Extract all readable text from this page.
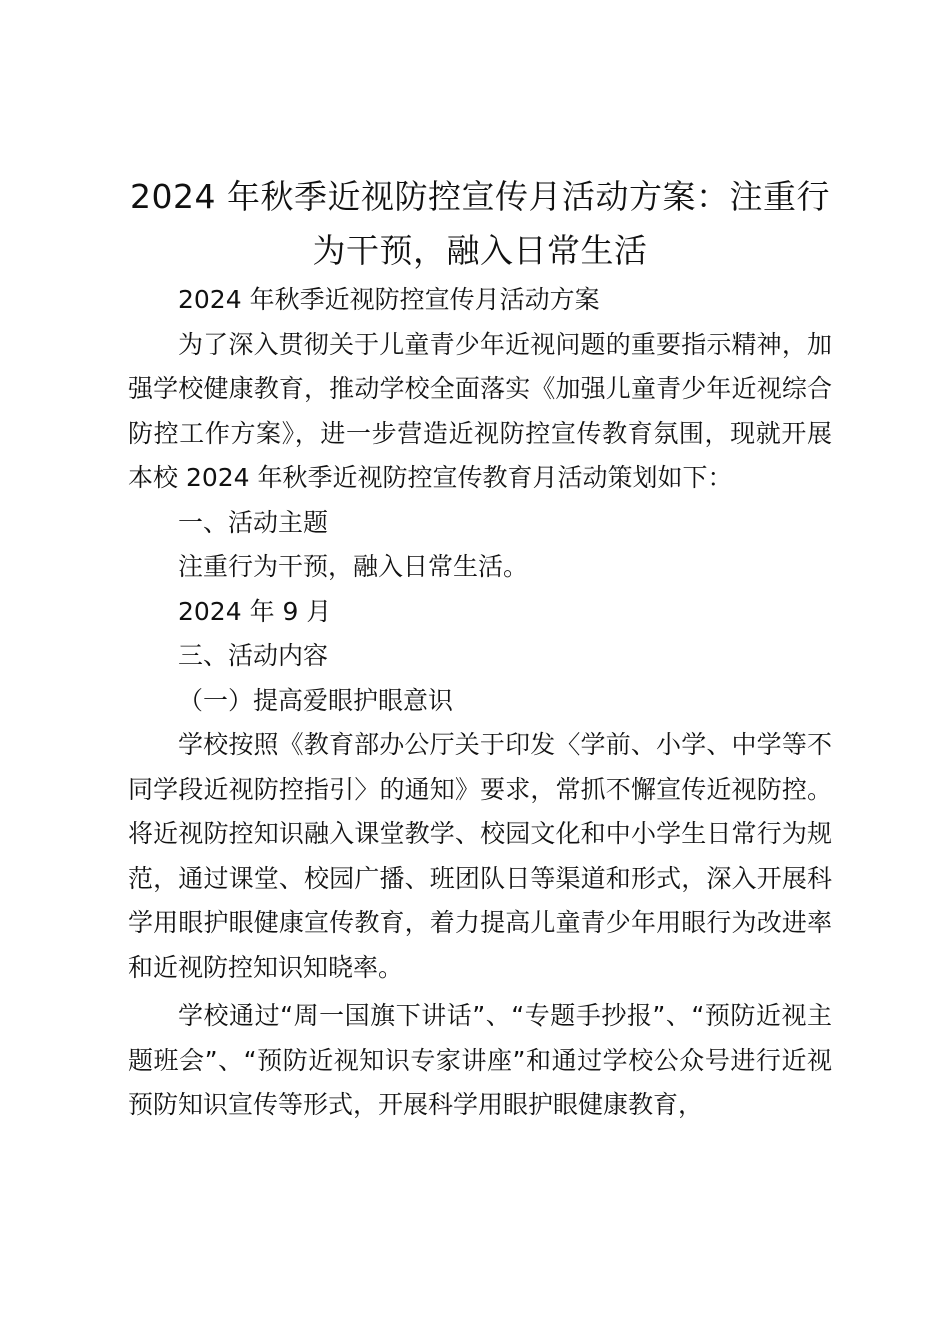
2024 年秋季近视防控宣传月活动方案：注重行为干预，融入日常生活

2024 年秋季近视防控宣传月活动方案

为了深入贯彻关于儿童青少年近视问题的重要指示精神，加强学校健康教育，推动学校全面落实《加强儿童青少年近视综合防控工作方案》，进一步营造近视防控宣传教育氛围，现就开展本校 2024 年秋季近视防控宣传教育月活动策划如下：

一、活动主题

注重行为干预，融入日常生活。

2024 年 9 月

三、活动内容

（一）提高爱眼护眼意识

学校按照《教育部办公厅关于印发〈学前、小学、中学等不同学段近视防控指引〉的通知》要求，常抓不懈宣传近视防控。将近视防控知识融入课堂教学、校园文化和中小学生日常行为规范，通过课堂、校园广播、班团队日等渠道和形式，深入开展科学用眼护眼健康宣传教育，着力提高儿童青少年用眼行为改进率和近视防控知识知晓率。

学校通过“周一国旗下讲话”、“专题手抄报”、“预防近视主题班会”、“预防近视知识专家讲座”和通过学校公众号进行近视预防知识宣传等形式，开展科学用眼护眼健康教育，
